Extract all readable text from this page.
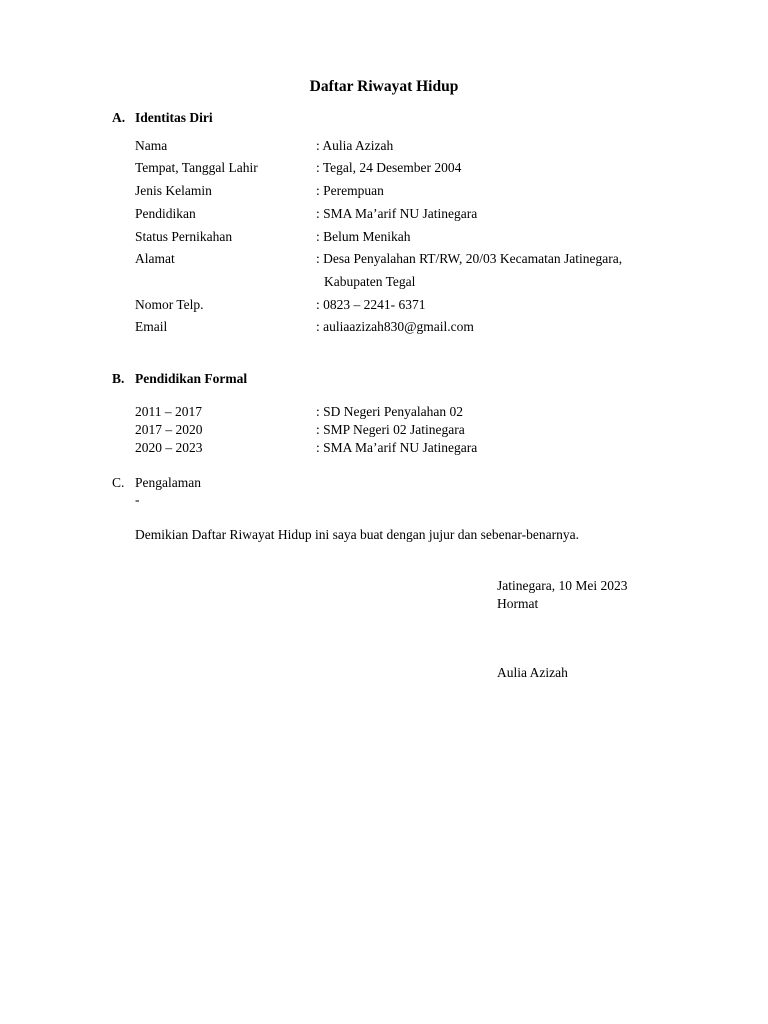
Daftar Riwayat Hidup
A. Identitas Diri
Nama	: Aulia Azizah
Tempat, Tanggal Lahir	: Tegal, 24 Desember 2004
Jenis Kelamin	: Perempuan
Pendidikan	: SMA Ma’arif NU Jatinegara
Status Pernikahan	: Belum Menikah
Alamat	: Desa Penyalahan RT/RW, 20/03 Kecamatan Jatinegara,
Kabupaten Tegal
Nomor Telp.	: 0823 – 2241- 6371
Email	: auliaazizah830@gmail.com
B. Pendidikan Formal
2011 – 2017	: SD Negeri Penyalahan 02
2017 – 2020	: SMP Negeri 02 Jatinegara
2020 – 2023	: SMA Ma’arif NU Jatinegara
C. Pengalaman
-
Demikian Daftar Riwayat Hidup ini saya buat dengan jujur dan sebenar-benarnya.
Jatinegara, 10 Mei 2023
Hormat
Aulia Azizah
